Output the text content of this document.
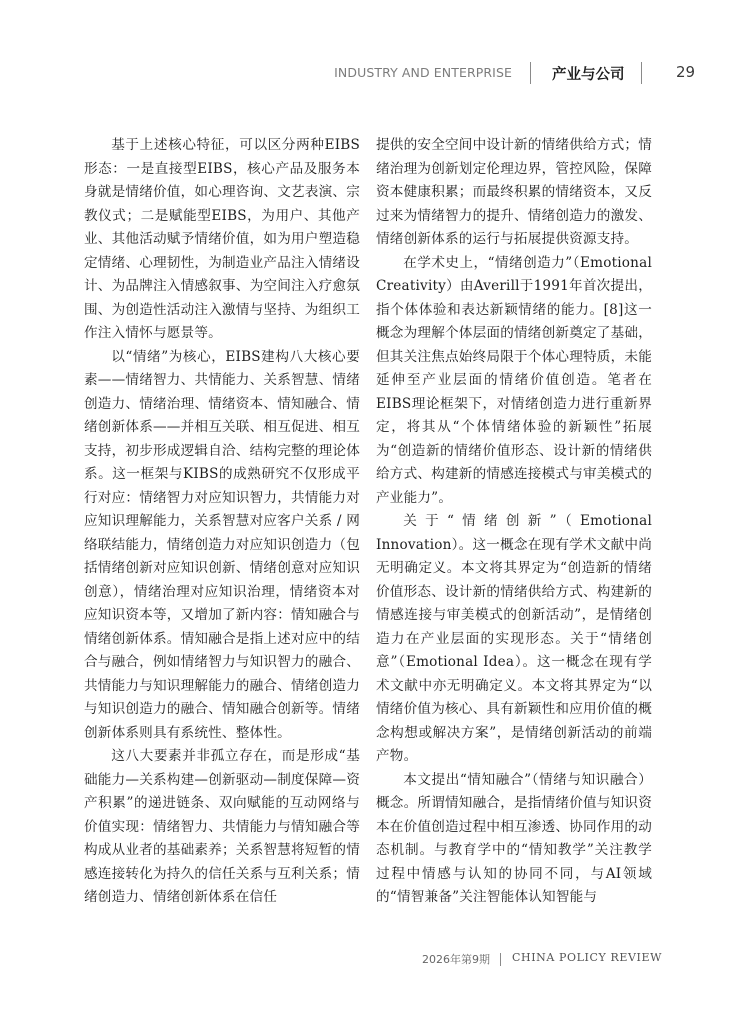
INDUSTRY AND ENTERPRISE	产业与公司	29

基于上述核心特征，可以区分两种EIBS形态：一是直接型EIBS，核心产品及服务本身就是情绪价值，如心理咨询、文艺表演、宗教仪式；二是赋能型EIBS，为用户、其他产业、其他活动赋予情绪价值，如为用户塑造稳定情绪、心理韧性，为制造业产品注入情绪设计、为品牌注入情感叙事、为空间注入疗愈氛围、为创造性活动注入激情与坚持、为组织工作注入情怀与愿景等。

以“情绪”为核心，EIBS建构八大核心要素——情绪智力、共情能力、关系智慧、情绪创造力、情绪治理、情绪资本、情知融合、情绪创新体系——并相互关联、相互促进、相互支持，初步形成逻辑自洽、结构完整的理论体系。这一框架与KIBS的成熟研究不仅形成平行对应：情绪智力对应知识智力，共情能力对应知识理解能力，关系智慧对应客户关系 / 网络联结能力，情绪创造力对应知识创造力（包括情绪创新对应知识创新、情绪创意对应知识创意），情绪治理对应知识治理，情绪资本对应知识资本等，又增加了新内容：情知融合与情绪创新体系。情知融合是指上述对应中的结合与融合，例如情绪智力与知识智力的融合、共情能力与知识理解能力的融合、情绪创造力与知识创造力的融合、情知融合创新等。情绪创新体系则具有系统性、整体性。

这八大要素并非孤立存在，而是形成“基础能力—关系构建—创新驱动—制度保障—资产积累”的递进链条、双向赋能的互动网络与价值实现：情绪智力、共情能力与情知融合等构成从业者的基础素养；关系智慧将短暂的情感连接转化为持久的信任关系与互利关系；情绪创造力、情绪创新体系在信任

提供的安全空间中设计新的情绪供给方式；情绪治理为创新划定伦理边界，管控风险，保障资本健康积累；而最终积累的情绪资本，又反过来为情绪智力的提升、情绪创造力的激发、情绪创新体系的运行与拓展提供资源支持。

在学术史上，“情绪创造力”（Emotional Creativity）由Averill于1991年首次提出，指个体体验和表达新颖情绪的能力。[8]这一概念为理解个体层面的情绪创新奠定了基础，但其关注焦点始终局限于个体心理特质，未能延伸至产业层面的情绪价值创造。笔者在EIBS理论框架下，对情绪创造力进行重新界定，将其从“个体情绪体验的新颖性”拓展为“创造新的情绪价值形态、设计新的情绪供给方式、构建新的情感连接模式与审美模式的产业能力”。

关于“情绪创新”（Emotional Innovation）。这一概念在现有学术文献中尚无明确定义。本文将其界定为“创造新的情绪价值形态、设计新的情绪供给方式、构建新的情感连接与审美模式的创新活动”，是情绪创造力在产业层面的实现形态。关于“情绪创意”（Emotional Idea）。这一概念在现有学术文献中亦无明确定义。本文将其界定为“以情绪价值为核心、具有新颖性和应用价值的概念构想或解决方案”，是情绪创新活动的前端产物。

本文提出“情知融合”（情绪与知识融合）概念。所谓情知融合，是指情绪价值与知识资本在价值创造过程中相互渗透、协同作用的动态机制。与教育学中的“情知教学”关注教学过程中情感与认知的协同不同，与AI领域的“情智兼备”关注智能体认知智能与

2026年第9期 CHINA POLICY REVIEW
